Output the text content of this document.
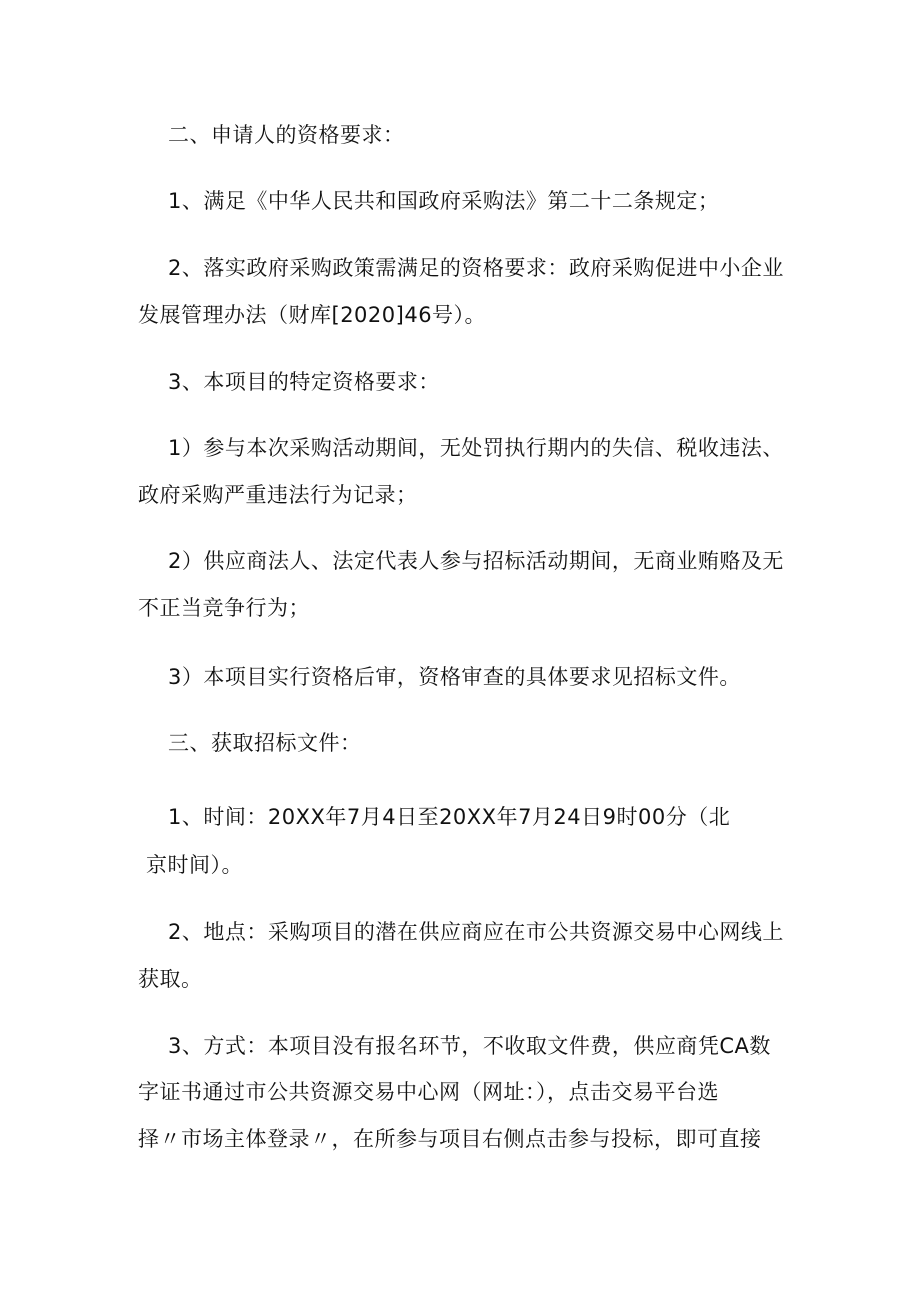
二、申请人的资格要求：
1、满足《中华人民共和国政府采购法》第二十二条规定；
2、落实政府采购政策需满足的资格要求：政府采购促进中小企业
发展管理办法（财库[2020]46号）。
3、本项目的特定资格要求：
1）参与本次采购活动期间，无处罚执行期内的失信、税收违法、
政府采购严重违法行为记录；
2）供应商法人、法定代表人参与招标活动期间，无商业贿赂及无
不正当竞争行为；
3）本项目实行资格后审，资格审查的具体要求见招标文件。
三、获取招标文件：
1、时间：20XX年7月4日至20XX年7月24日9时00分（北
京时间）。
2、地点：采购项目的潜在供应商应在市公共资源交易中心网线上
获取。
3、方式：本项目没有报名环节，不收取文件费，供应商凭CA数
字证书通过市公共资源交易中心网（网址：），点击交易平台选
择〃市场主体登录〃，在所参与项目右侧点击参与投标，即可直接
